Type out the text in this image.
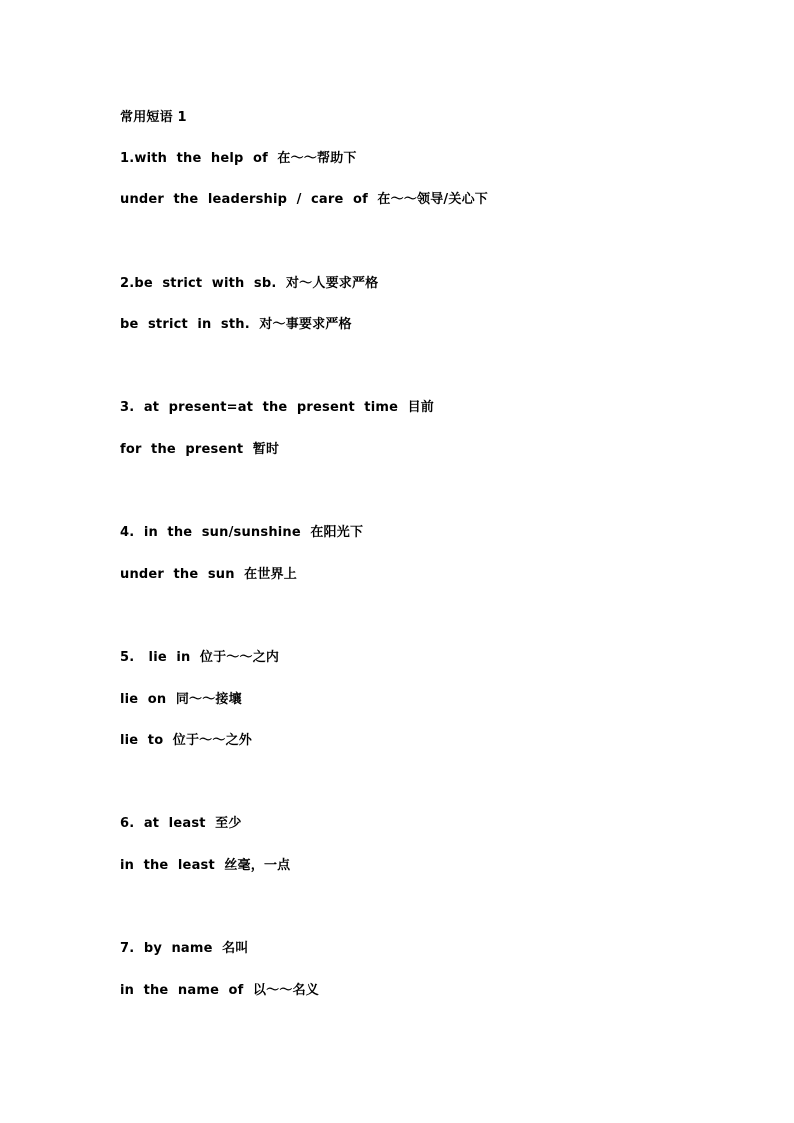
常用短语 1
1.with  the  help  of  在～～帮助下
under  the  leadership  /  care  of  在～～领导/关心下
2.be  strict  with  sb.  对～人要求严格
be  strict  in  sth.  对～事要求严格
3.  at  present=at  the  present  time  目前
for  the  present  暂时
4.  in  the  sun/sunshine  在阳光下
under  the  sun  在世界上
5.   lie  in  位于～～之内
lie  on  同～～接壤
lie  to  位于～～之外
6.  at  least  至少
in  the  least  丝毫，一点
7.  by  name  名叫
in  the  name  of  以～～名义
